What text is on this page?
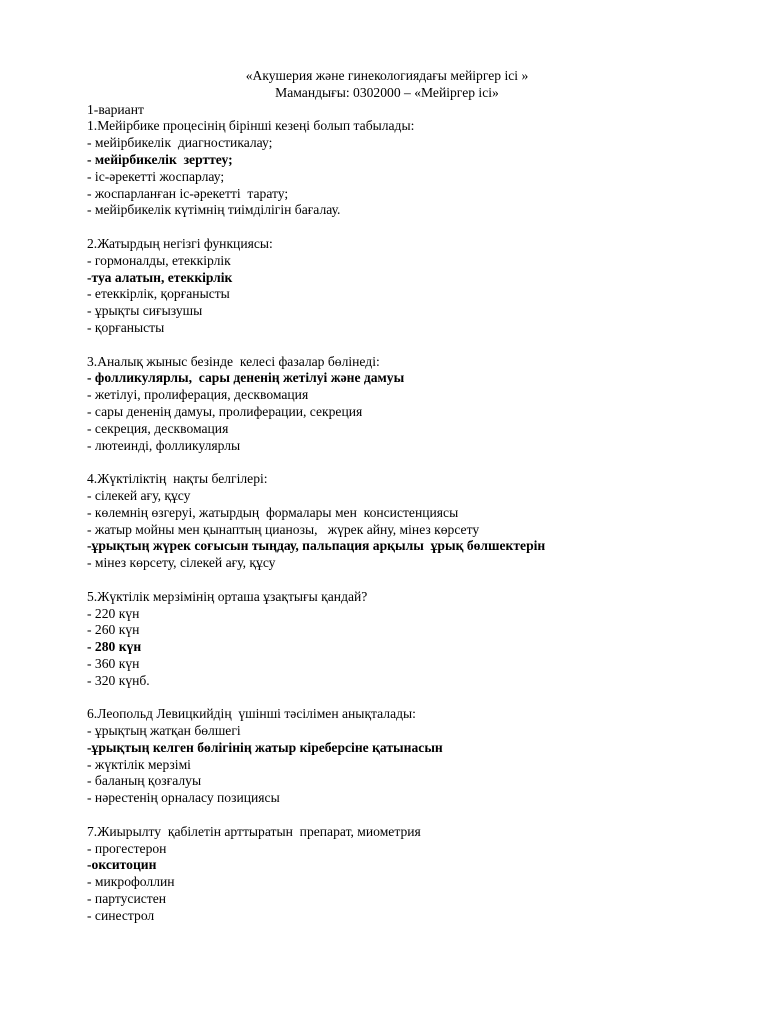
«Акушерия және гинекологиядағы мейіргер ісі »

Мамандығы: 0302000 – «Мейіргер ісі»

1-вариант

1.Мейірбике процесінің бірінші кезеңі болып табылады:

- мейірбикелік  диагностикалау;

- мейірбикелік  зерттеу;

- іс-әрекетті жоспарлау;

- жоспарланған іс-әрекетті  тарату;

- мейірбикелік күтімнің тиімділігін бағалау.

2.Жатырдың негізгі функциясы:

- гормоналды, етеккірлік

-туа алатын, етеккірлік

- етеккірлік, қорғанысты

- ұрықты сиғызушы

- қорғанысты

3.Аналық жыныс безінде  келесі фазалар бөлінеді:

- фолликулярлы,  сары дененің жетілуі және дамуы

- жетілуі, пролиферация, десквомация

- сары дененің дамуы, пролиферации, секреция

- секреция, десквомация

- лютеинді, фолликулярлы

4.Жүктіліктің  нақты белгілері:

- сілекей ағу, құсу

- көлемнің өзгеруі, жатырдың  формалары мен  консистенциясы

- жатыр мойны мен қынаптың цианозы,   жүрек айну, мінез көрсету

-ұрықтың жүрек соғысын тыңдау, пальпация арқылы  ұрық бөлшектерін

- мінез көрсету, сілекей ағу, құсу

5.Жүктілік мерзімінің орташа ұзақтығы қандай?

- 220 күн

- 260 күн

- 280 күн

- 360 күн

- 320 күнб.

6.Леопольд Левицкийдің  үшінші тәсілімен анықталады:

- ұрықтың жатқан бөлшегі

-ұрықтың келген бөлігінің жатыр кіреберсіне қатынасын

- жүктілік мерзімі

- баланың қозғалуы

- нәрестенің орналасу позициясы

7.Жиырылту  қабілетін арттыратын  препарат, миометрия

- прогестерон

-окситоцин

- микрофоллин

- партусистен

- синестрол
